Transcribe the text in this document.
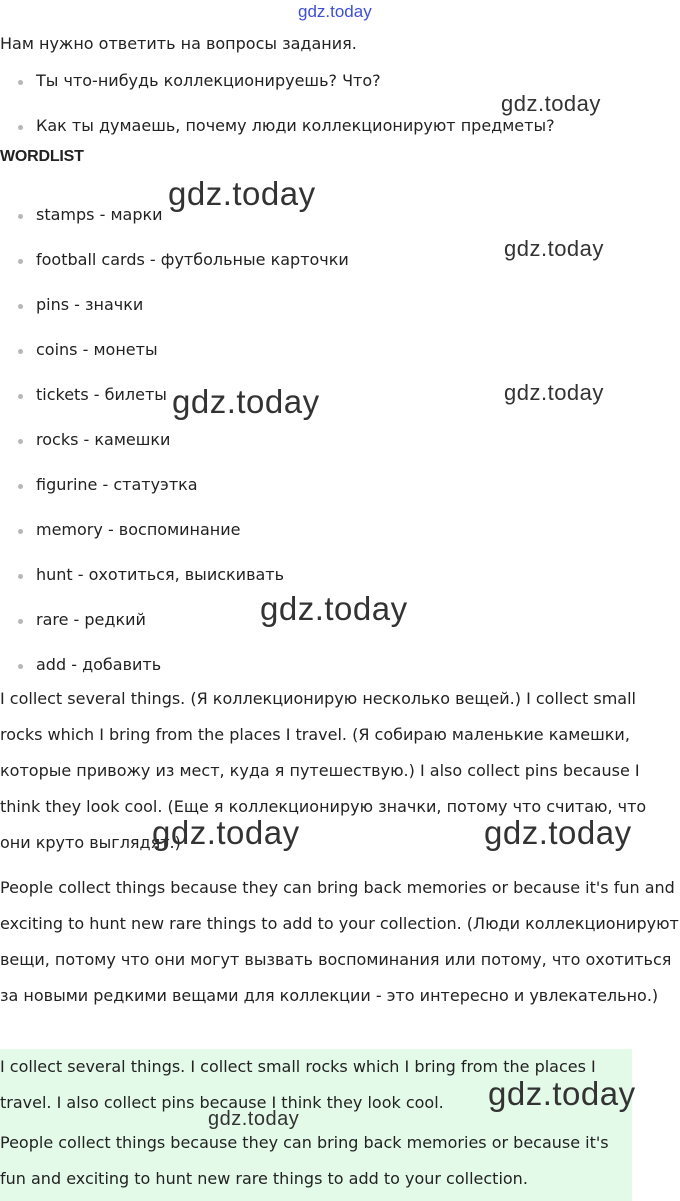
gdz.today

Нам нужно ответить на вопросы задания.

Ты что-нибудь коллекционируешь? Что?
Как ты думаешь, почему люди коллекционируют предметы?
gdz.today
WORDLIST
stamps - марки
football cards - футбольные карточки
pins - значки
coins - монеты
tickets - билеты
rocks - камешки
figurine - статуэтка
memory - воспоминание
hunt - охотиться, выискивать
rare - редкий
add - добавить
gdz.today
gdz.today
gdz.today	gdz.today
gdz.today

I collect several things. (Я коллекционирую несколько вещей.) I collect small rocks which I bring from the places I travel. (Я собираю маленькие камешки, которые привожу из мест, куда я путешествую.) I also collect pins because I think they look cool. (Еще я коллекционирую значки, потому что считаю, что они круто выглядят.)

gdz.today	gdz.today

People collect things because they can bring back memories or because it's fun and exciting to hunt new rare things to add to your collection. (Люди коллекционируют вещи, потому что они могут вызвать воспоминания или потому, что охотиться за новыми редкими вещами для коллекции - это интересно и увлекательно.)

I collect several things. I collect small rocks which I bring from the places I travel. I also collect pins because I think they look cool.

People collect things because they can bring back memories or because it's fun and exciting to hunt new rare things to add to your collection.

gdz.today
gdz.today
